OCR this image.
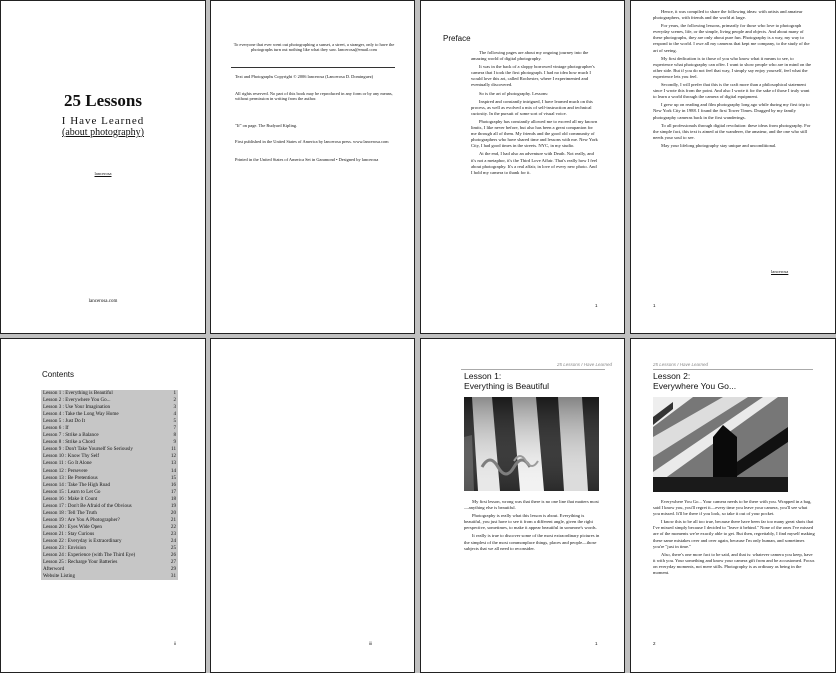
25 Lessons
I Have Learned
(about photography)
lancerosa
lancerosa.com
To everyone that ever went out photographing a sunset, a street, a stranger, only to have the photographs turn out nothing like what they saw. lancerosa@email.com
Text and Photographs Copyright © 2006 lancerosa (Lancerosa D. Dominguez)
All rights reserved. No part of this book may be reproduced in any form or by any means, without permission in writing from the author.
"If" on page. The Rudyard Kipling.
First published in the United States of America by lancerosa press. www.lancerosa.com
Printed in the United States of America Set in Garamond • Designed by lancerosa
Preface

The following pages are about my ongoing journey into the amazing world of digital photography.

It was in the back of a sloppy borrowed vintage photographer's camera that I took the first photograph. I had no idea how much I would love this art, called Rochester, where I experimented and eventually discovered.

So is the art of photography. Lessons:

Inspired and constantly intrigued, I have learned much on this process, as well as evolved a mix of self-instruction and technical curiosity. In the pursuit of some sort of visual voice.

Photography has constantly allowed me to exceed all my known limits, I like never before, but also has been a great companion for me through all of them. My friends and the good old community of photographers who have shared time and lessons with me. New York City, I had good times in the streets. NYC, in my studio.

At the end, I had also an adventure with Death. Not really, and it's not a metaphor, it's the Third Love Affair. That's really how I feel about photography. It's a real affair, in love of every new photo. And I hold my camera to thank for it.

1

Hence, it was compiled to share the following ideas: with artists and amateur photographers, with friends and the world at large.

For years, the following lessons, primarily for those who love to photograph everyday scenes, life, or the simple, living people and objects. And about many of these photographs, they are only about pure fun. Photography is a way, my way to respond to the world. I owe all my cameras that kept me company, to the study of the art of seeing.

My first dedication is to those of you who know what it means to see, to experience what photography can offer. I want to show people who are in mind on the other side. But if you do not feel that way, I simply say enjoy yourself, feel what the experience lets you feel.

Secondly, I will prefer that this is the craft more than a philosophical statement since I wrote this from the point. And also I wrote it for the sake of those I truly want to learn a world through the camera of digital equipment.

I grew up on reading and film photography long ago while during my first trip to New York City in 1988. I found the first Tower Times. Dragged by my family photography cameras back in the first wanderings.

To all professionals through digital revolution: these ideas from photography. For the simple fact, this text is aimed at the wanderer, the amateur, and the one who still needs your soul to see.

May your lifelong photography stay unique and unconditional.

lancerosa
1
Contents
Lesson 1 : Everything is Beautiful	1
Lesson 2 : Everywhere You Go...	2
Lesson 3 : Use Your Imagination	3
Lesson 4 : Take the Long Way Home	4
Lesson 5 : Just Do It	5
Lesson 6 : If	7
Lesson 7 : Strike a Balance	8
Lesson 8 : Strike a Chord	9
Lesson 9 : Don't Take Yourself So Seriously	11
Lesson 10 : Know Thy Self	12
Lesson 11 : Go It Alone	13
Lesson 12 : Persevere	14
Lesson 13 : Be Pretentious	15
Lesson 14 : Take The High Road	16
Lesson 15 : Learn to Let Go	17
Lesson 16 : Make it Count	18
Lesson 17 : Don't Be Afraid of the Obvious	19
Lesson 18 : Tell The Truth	20
Lesson 19 : Are You A Photographer?	21
Lesson 20 : Eyes Wide Open	22
Lesson 21 : Stay Curious	23
Lesson 22 : Everyday is Extraordinary	24
Lesson 23 : Envision	25
Lesson 24 : Experience (with The Third Eye)	26
Lesson 25 : Recharge Your Batteries	27
Afterword	29
Website Listing	31
ii	iii
25 Lessons I Have Learned
Lesson 1:
Everything is Beautiful

My first lesson, wrong was that there is no one line that matters most—anything else is beautiful.

Photography is really what this lesson is about. Everything is beautiful, you just have to see it from a different angle, given the right perspective, sometimes, to make it appear beautiful in someone's words.

It really is true to discover some of the most extraordinary pictures in the simplest of the most commonplace things, places and people—those subjects that we all need to reconsider.

1
25 Lessons I Have Learned
Lesson 2:
Everywhere You Go...

Everywhere You Go... Your camera needs to be there with you. Wrapped in a bag, said I know you, you'll regret it—every time you leave your camera, you'll see what you missed. It'll be there if you look, so take it out of your pocket.

I know this to be all too true, because there have been far too many great shots that I've missed simply because I decided to "leave it behind." None of the ones I've missed are of the moments we're exactly able to get. But then, regrettably, I find myself making these same mistakes over and over again, because I'm only human, and sometimes you're "just in time."

Also, there's one more fact to be said, and that is: whatever camera you keep, have it with you. Your something and know your camera gift from and be accustomed. Focus on everyday moments, not mere stills. Photography is as ordinary as being in the moment.

2
